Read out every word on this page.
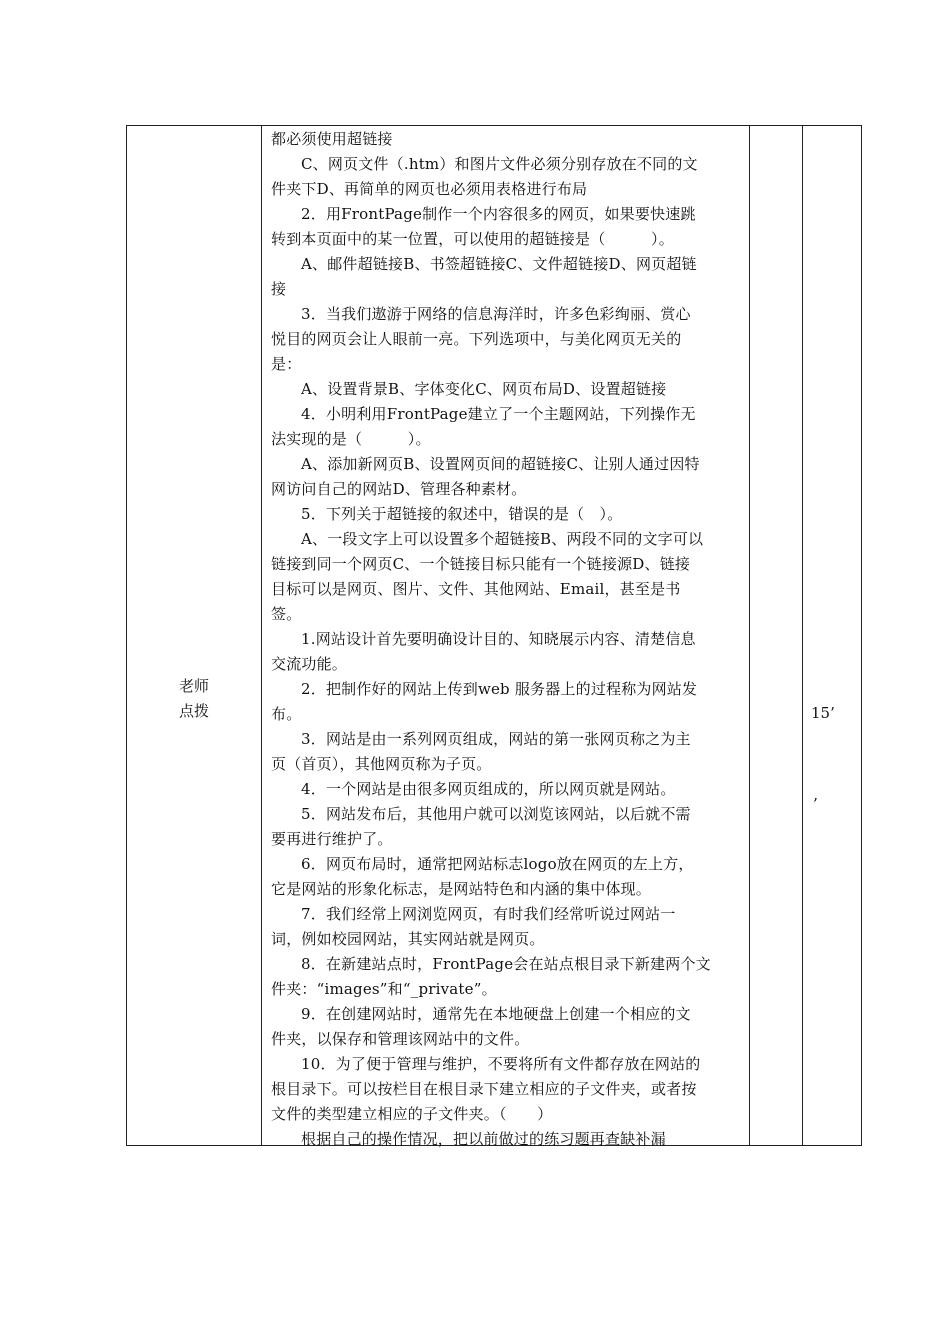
老师
点拨
都必须使用超链接
C、网页文件（.htm）和图片文件必须分别存放在不同的文
件夹下D、再简单的网页也必须用表格进行布局
2．用FrontPage制作一个内容很多的网页，如果要快速跳
转到本页面中的某一位置，可以使用的超链接是（　　　）。
A、邮件超链接B、书签超链接C、文件超链接D、网页超链
接
3．当我们遨游于网络的信息海洋时，许多色彩绚丽、赏心
悦目的网页会让人眼前一亮。下列选项中，与美化网页无关的
是：
A、设置背景B、字体变化C、网页布局D、设置超链接
4．小明利用FrontPage建立了一个主题网站，下列操作无
法实现的是（　　　）。
A、添加新网页B、设置网页间的超链接C、让别人通过因特
网访问自己的网站D、管理各种素材。
5．下列关于超链接的叙述中，错误的是（　）。
A、一段文字上可以设置多个超链接B、两段不同的文字可以
链接到同一个网页C、一个链接目标只能有一个链接源D、链接
目标可以是网页、图片、文件、其他网站、Email，甚至是书
签。
1.网站设计首先要明确设计目的、知晓展示内容、清楚信息
交流功能。
2．把制作好的网站上传到web 服务器上的过程称为网站发
布。
3．网站是由一系列网页组成，网站的第一张网页称之为主
页（首页），其他网页称为子页。
4．一个网站是由很多网页组成的，所以网页就是网站。
5．网站发布后，其他用户就可以浏览该网站，以后就不需
要再进行维护了。
6．网页布局时，通常把网站标志logo放在网页的左上方，
它是网站的形象化标志，是网站特色和内涵的集中体现。
7．我们经常上网浏览网页，有时我们经常听说过网站一
词，例如校园网站，其实网站就是网页。
8．在新建站点时，FrontPage会在站点根目录下新建两个文
件夹：“images”和“_private”。
9．在创建网站时，通常先在本地硬盘上创建一个相应的文
件夹，以保存和管理该网站中的文件。
10．为了便于管理与维护，不要将所有文件都存放在网站的
根目录下。可以按栏目在根目录下建立相应的子文件夹，或者按
文件的类型建立相应的子文件夹。（　　）
根据自己的操作情况，把以前做过的练习题再查缺补漏
15’
’
